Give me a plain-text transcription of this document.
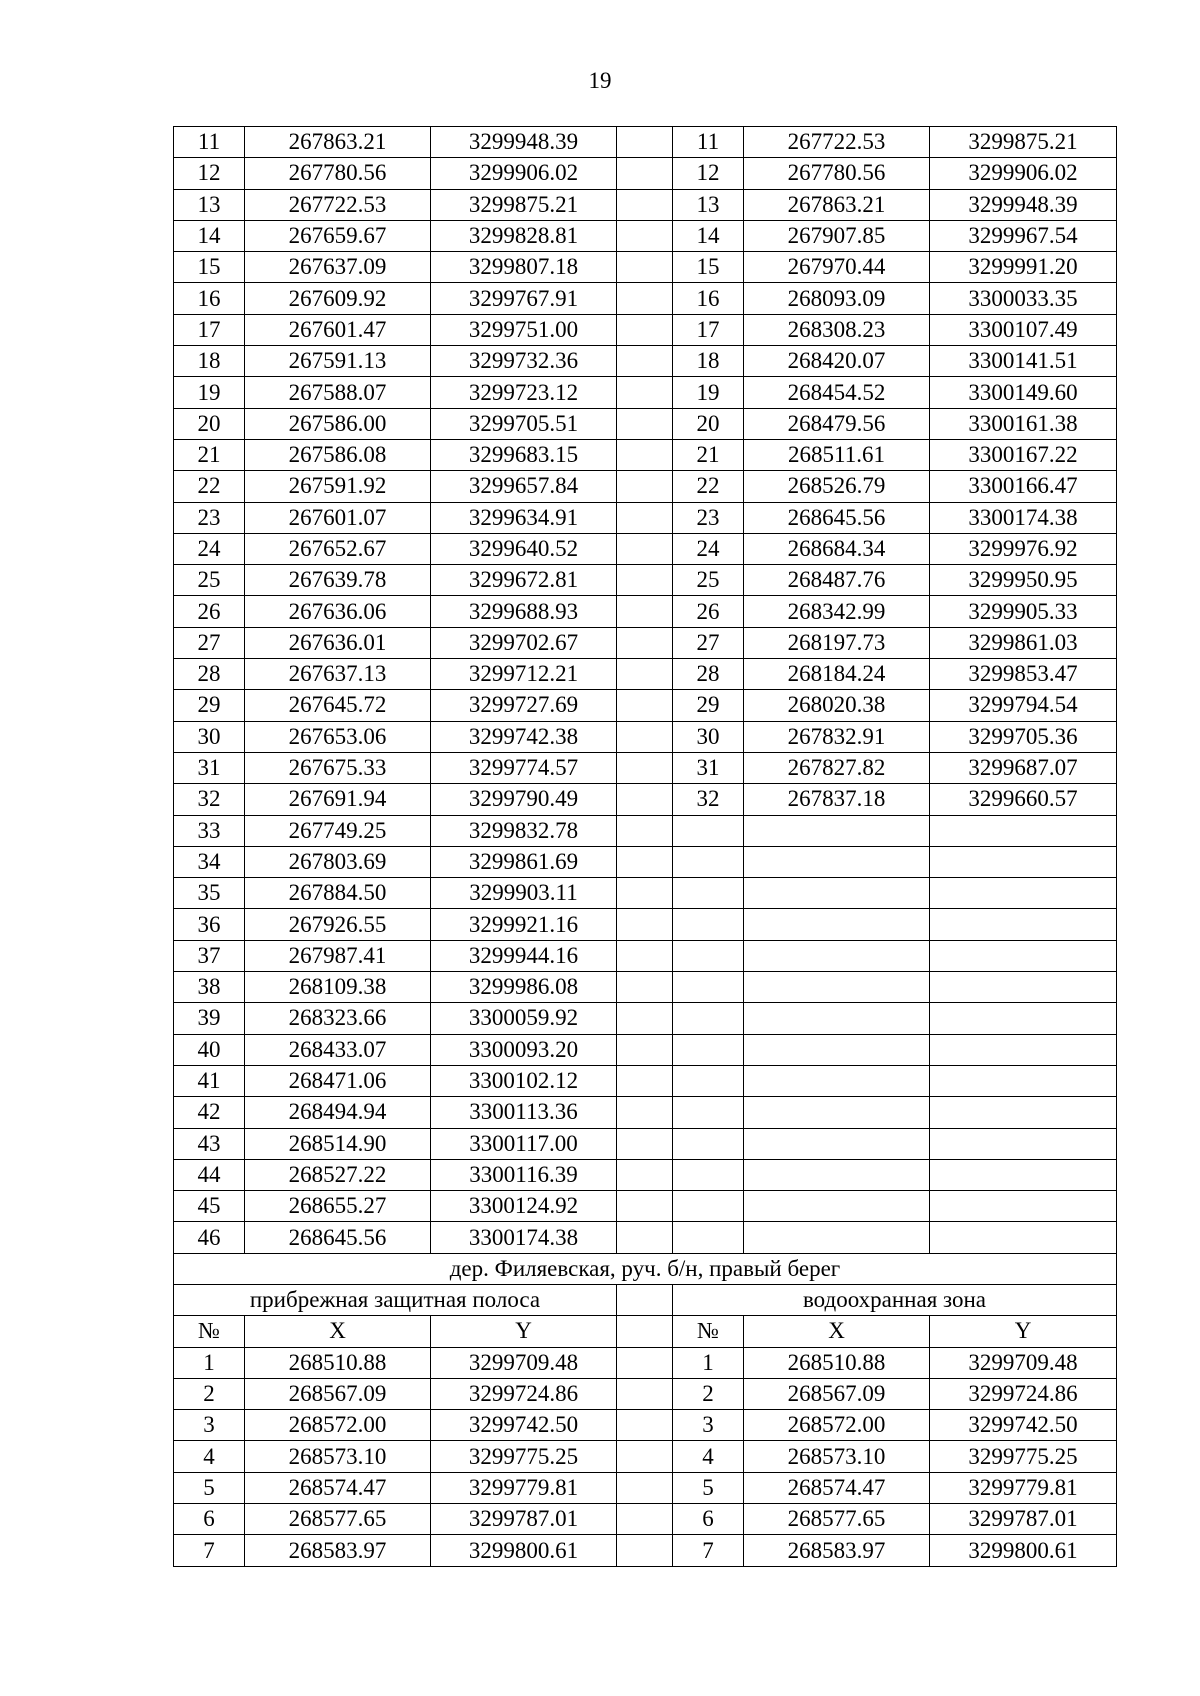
19
11	267863.21	3299948.39		11	267722.53	3299875.21
12	267780.56	3299906.02		12	267780.56	3299906.02
13	267722.53	3299875.21		13	267863.21	3299948.39
14	267659.67	3299828.81		14	267907.85	3299967.54
15	267637.09	3299807.18		15	267970.44	3299991.20
16	267609.92	3299767.91		16	268093.09	3300033.35
17	267601.47	3299751.00		17	268308.23	3300107.49
18	267591.13	3299732.36		18	268420.07	3300141.51
19	267588.07	3299723.12		19	268454.52	3300149.60
20	267586.00	3299705.51		20	268479.56	3300161.38
21	267586.08	3299683.15		21	268511.61	3300167.22
22	267591.92	3299657.84		22	268526.79	3300166.47
23	267601.07	3299634.91		23	268645.56	3300174.38
24	267652.67	3299640.52		24	268684.34	3299976.92
25	267639.78	3299672.81		25	268487.76	3299950.95
26	267636.06	3299688.93		26	268342.99	3299905.33
27	267636.01	3299702.67		27	268197.73	3299861.03
28	267637.13	3299712.21		28	268184.24	3299853.47
29	267645.72	3299727.69		29	268020.38	3299794.54
30	267653.06	3299742.38		30	267832.91	3299705.36
31	267675.33	3299774.57		31	267827.82	3299687.07
32	267691.94	3299790.49		32	267837.18	3299660.57
33	267749.25	3299832.78				
34	267803.69	3299861.69				
35	267884.50	3299903.11				
36	267926.55	3299921.16				
37	267987.41	3299944.16				
38	268109.38	3299986.08				
39	268323.66	3300059.92				
40	268433.07	3300093.20				
41	268471.06	3300102.12				
42	268494.94	3300113.36				
43	268514.90	3300117.00				
44	268527.22	3300116.39				
45	268655.27	3300124.92				
46	268645.56	3300174.38				
дер. Филяевская, руч. б/н, правый берег						
прибрежная защитная полоса				водоохранная зона		
№	X	Y		№	X	Y
1	268510.88	3299709.48		1	268510.88	3299709.48
2	268567.09	3299724.86		2	268567.09	3299724.86
3	268572.00	3299742.50		3	268572.00	3299742.50
4	268573.10	3299775.25		4	268573.10	3299775.25
5	268574.47	3299779.81		5	268574.47	3299779.81
6	268577.65	3299787.01		6	268577.65	3299787.01
7	268583.97	3299800.61		7	268583.97	3299800.61
